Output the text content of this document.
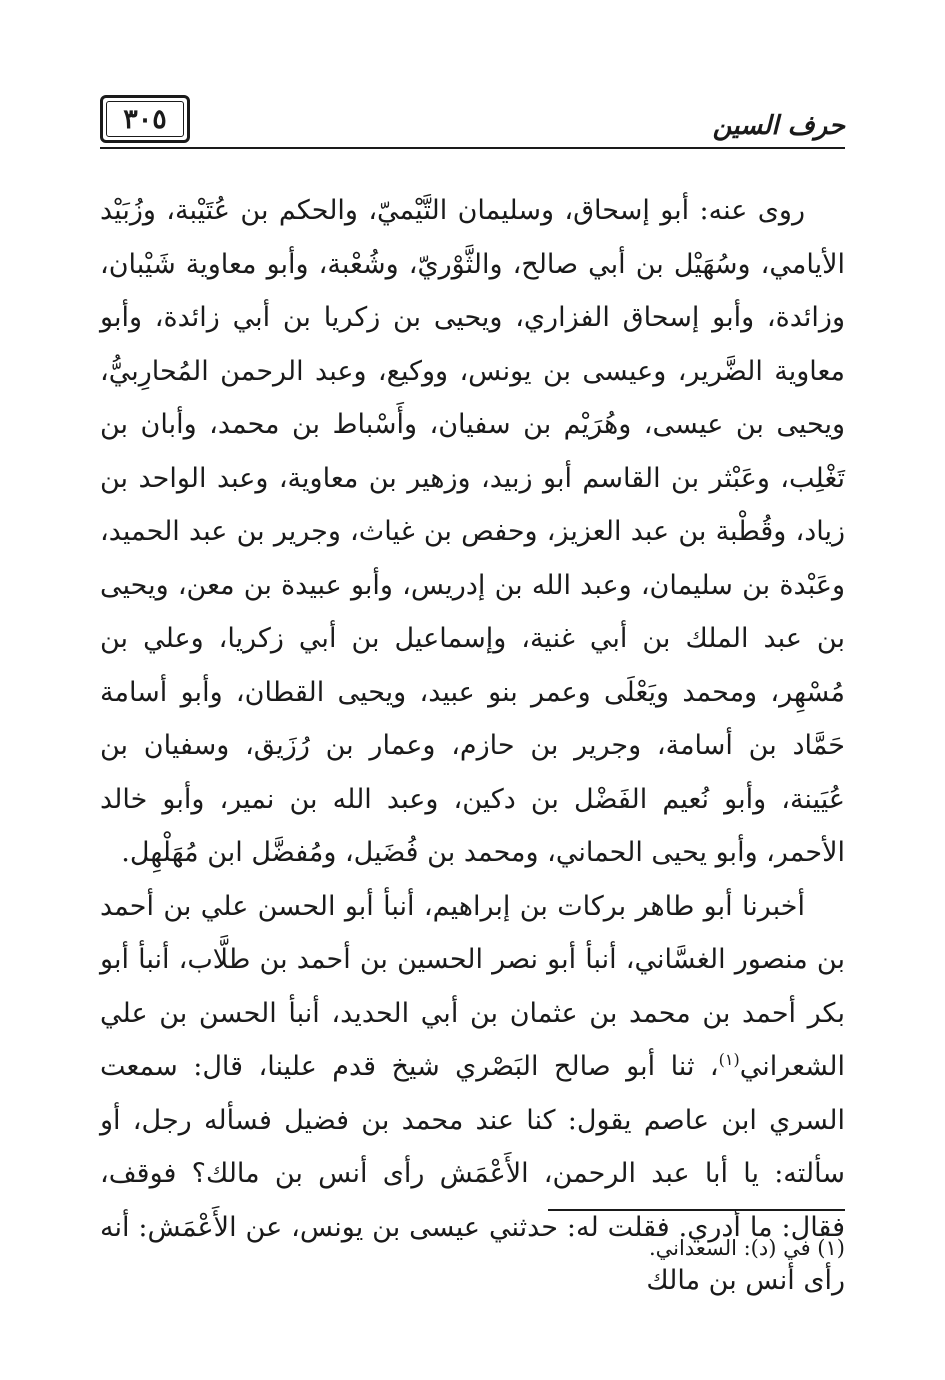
٣٠٥	حرف السين

روى عنه: أبو إسحاق، وسليمان التَّيْميّ، والحكم بن عُتَيْبة، وزُبَيْد الأيامي، وسُهَيْل بن أبي صالح، والثَّوْريّ، وشُعْبة، وأبو معاوية شَيْبان، وزائدة، وأبو إسحاق الفزاري، ويحيى بن زكريا بن أبي زائدة، وأبو معاوية الضَّرير، وعيسى بن يونس، ووكيع، وعبد الرحمن المُحارِبيُّ، ويحيى بن عيسى، وهُرَيْم بن سفيان، وأَسْباط بن محمد، وأبان بن تَغْلِب، وعَبْثر بن القاسم أبو زبيد، وزهير بن معاوية، وعبد الواحد بن زياد، وقُطْبة بن عبد العزيز، وحفص بن غياث، وجرير بن عبد الحميد، وعَبْدة بن سليمان، وعبد الله بن إدريس، وأبو عبيدة بن معن، ويحيى بن عبد الملك بن أبي غنية، وإسماعيل بن أبي زكريا، وعلي بن مُسْهِر، ومحمد ويَعْلَى وعمر بنو عبيد، ويحيى القطان، وأبو أسامة حَمَّاد بن أسامة، وجرير بن حازم، وعمار بن رُزَيق، وسفيان بن عُيَينة، وأبو نُعيم الفَضْل بن دكين، وعبد الله بن نمير، وأبو خالد الأحمر، وأبو يحيى الحماني، ومحمد بن فُضَيل، ومُفضَّل ابن مُهَلْهِل.

أخبرنا أبو طاهر بركات بن إبراهيم، أنبأ أبو الحسن علي بن أحمد بن منصور الغسَّاني، أنبأ أبو نصر الحسين بن أحمد بن طلَّاب، أنبأ أبو بكر أحمد بن محمد بن عثمان بن أبي الحديد، أنبأ الحسن بن علي الشعراني$^{(١)}$، ثنا أبو صالح البَصْري شيخ قدم علينا، قال: سمعت السري ابن عاصم يقول: كنا عند محمد بن فضيل فسأله رجل، أو سألته: يا أبا عبد الرحمن، الأَعْمَش رأى أنس بن مالك؟ فوقف، فقال: ما أدري. فقلت له: حدثني عيسى بن يونس، عن الأَعْمَش: أنه رأى أنس بن مالك

(١) في (د): السعداني.
